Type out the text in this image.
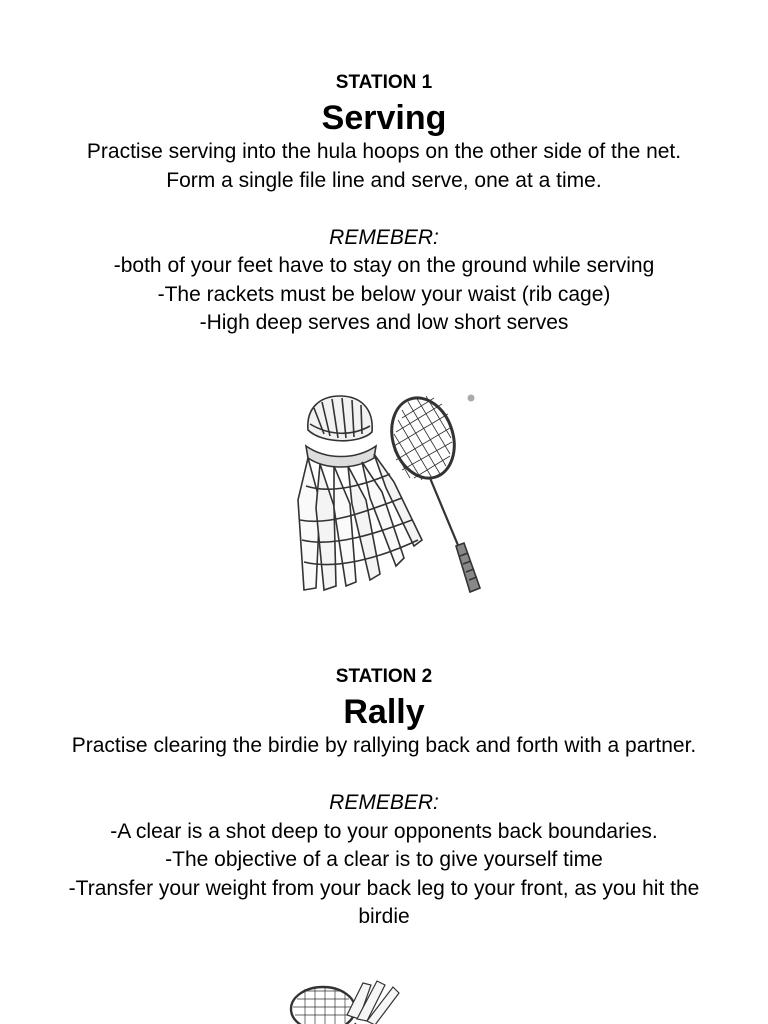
STATION 1
Serving
Practise serving into the hula hoops on the other side of the net.
Form a single file line and serve, one at a time.
REMEBER:
-both of your feet have to stay on the ground while serving
-The rackets must be below your waist (rib cage)
-High deep serves and low short serves
STATION 2
Rally
Practise clearing the birdie by rallying back and forth with a partner.
REMEBER:
-A clear is a shot deep to your opponents back boundaries.
-The objective of a clear is to give yourself time
-Transfer your weight from your back leg to your front, as you hit the birdie
